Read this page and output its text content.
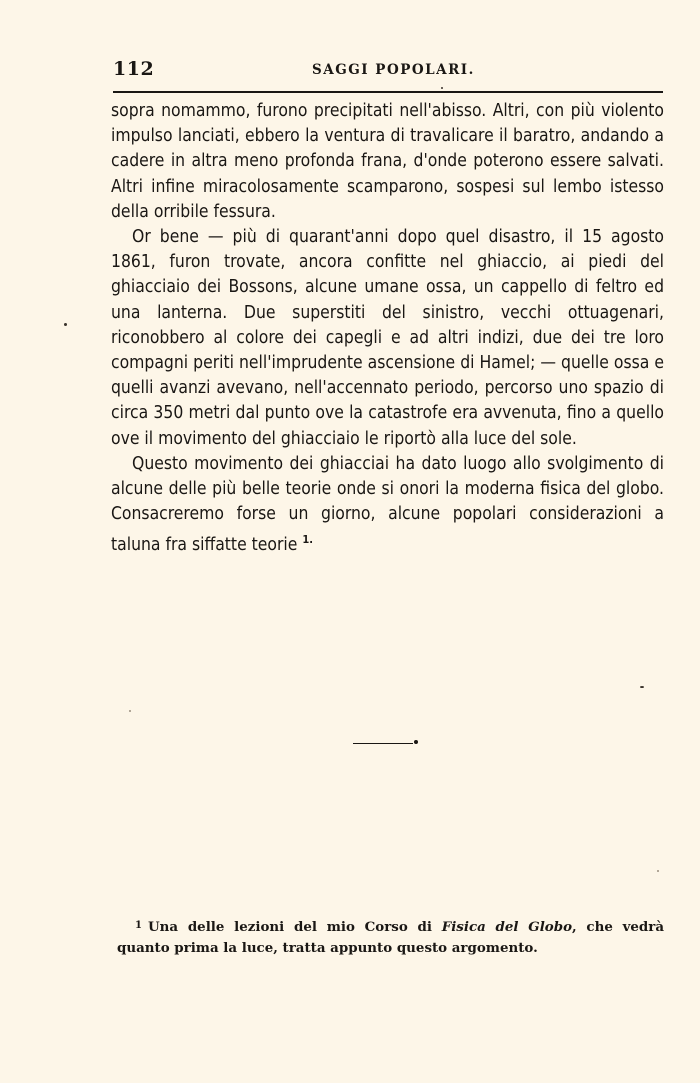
112	SAGGI POPOLARI.

sopra nomammo, furono precipitati nell'abisso. Altri, con più violento impulso lanciati, ebbero la ventura di travalicare il baratro, andando a cadere in altra meno profonda frana, d'onde poterono essere salvati. Altri infine miracolosamente scamparono, sospesi sul lembo istesso della orribile fessura.

Or bene — più di quarant'anni dopo quel disastro, il 15 agosto 1861, furon trovate, ancora confitte nel ghiaccio, ai piedi del ghiacciaio dei Bossons, alcune umane ossa, un cappello di feltro ed una lanterna. Due superstiti del sinistro, vecchi ottuagenari, riconobbero al colore dei capegli e ad altri indizi, due dei tre loro compagni periti nell'imprudente ascensione di Hamel; — quelle ossa e quelli avanzi avevano, nell'accennato periodo, percorso uno spazio di circa 350 metri dal punto ove la catastrofe era avvenuta, fino a quello ove il movimento del ghiacciaio le riportò alla luce del sole.

Questo movimento dei ghiacciai ha dato luogo allo svolgimento di alcune delle più belle teorie onde si onori la moderna fisica del globo. Consacreremo forse un giorno, alcune popolari considerazioni a taluna fra siffatte teorie $^{1.}$

$^1$ Una delle lezioni del mio Corso di Fisica del Globo, che vedrà quanto prima la luce, tratta appunto questo argomento.
